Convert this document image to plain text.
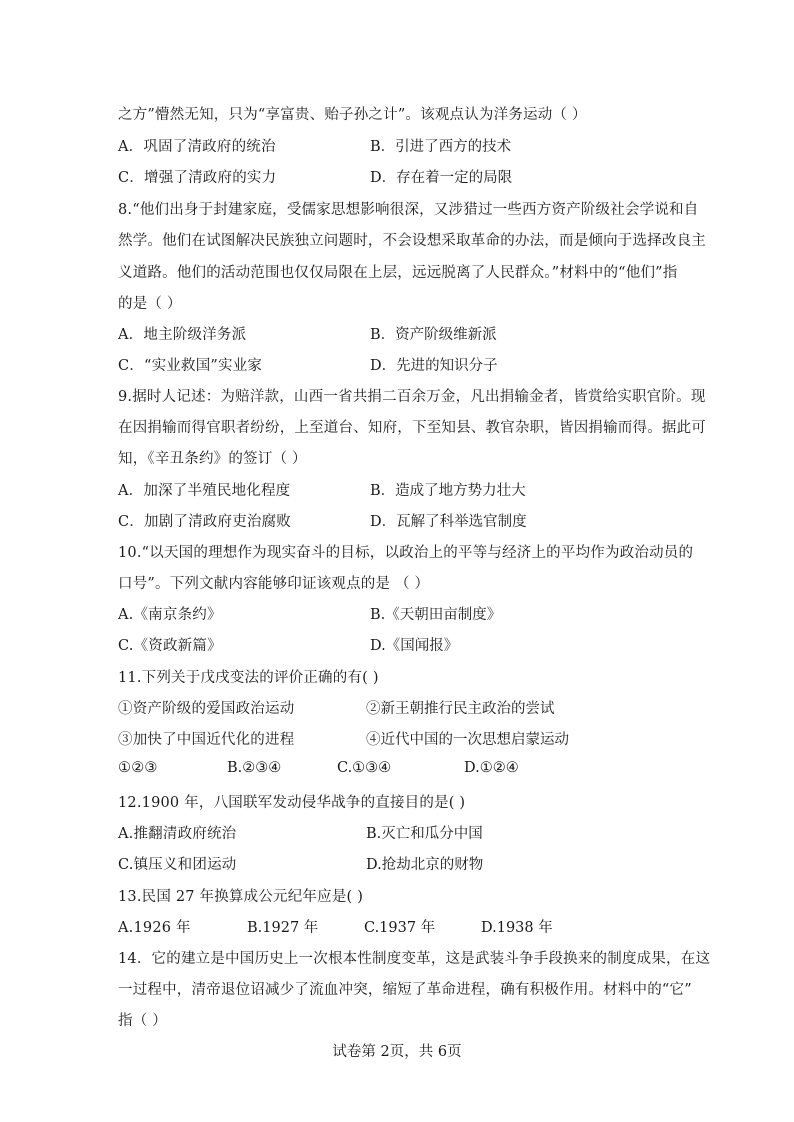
之方”懵然无知，只为“享富贵、贻子孙之计”。该观点认为洋务运动（ ）
A．巩固了清政府的统治	B．引进了西方的技术
C．增强了清政府的实力	D．存在着一定的局限
8.“他们出身于封建家庭，受儒家思想影响很深，又涉猎过一些西方资产阶级社会学说和自
然学。他们在试图解决民族独立问题时，不会设想采取革命的办法，而是倾向于选择改良主
义道路。他们的活动范围也仅仅局限在上层，远远脱离了人民群众。”材料中的“他们”指
的是（ ）
A．地主阶级洋务派	B．资产阶级维新派
C．“实业救国”实业家	D．先进的知识分子
9.据时人记述：为赔洋款，山西一省共捐二百余万金，凡出捐输金者，皆赏给实职官阶。现
在因捐输而得官职者纷纷，上至道台、知府，下至知县、教官杂职，皆因捐输而得。据此可
知，《辛丑条约》的签订（ ）
A．加深了半殖民地化程度	B．造成了地方势力壮大
C．加剧了清政府吏治腐败	D．瓦解了科举选官制度
10.“以天国的理想作为现实奋斗的目标，以政治上的平等与经济上的平均作为政治动员的
口号”。下列文献内容能够印证该观点的是 （ ）
A.《南京条约》	B.《天朝田亩制度》
C.《资政新篇》	D.《国闻报》
11.下列关于戊戌变法的评价正确的有( )
①资产阶级的爱国政治运动	②新王朝推行民主政治的尝试
③加快了中国近代化的进程	④近代中国的一次思想启蒙运动
①②③	B.②③④	C.①③④	D.①②④
12.1900 年，八国联军发动侵华战争的直接目的是( )
A.推翻清政府统治	B.灭亡和瓜分中国
C.镇压义和团运动	D.抢劫北京的财物
13.民国 27 年换算成公元纪年应是( )
A.1926 年	B.1927 年	C.1937 年	D.1938 年
14．它的建立是中国历史上一次根本性制度变革，这是武装斗争手段换来的制度成果，在这
一过程中，清帝退位诏减少了流血冲突，缩短了革命进程，确有积极作用。材料中的“它”
指（ ）
试卷第 2页，共 6页
